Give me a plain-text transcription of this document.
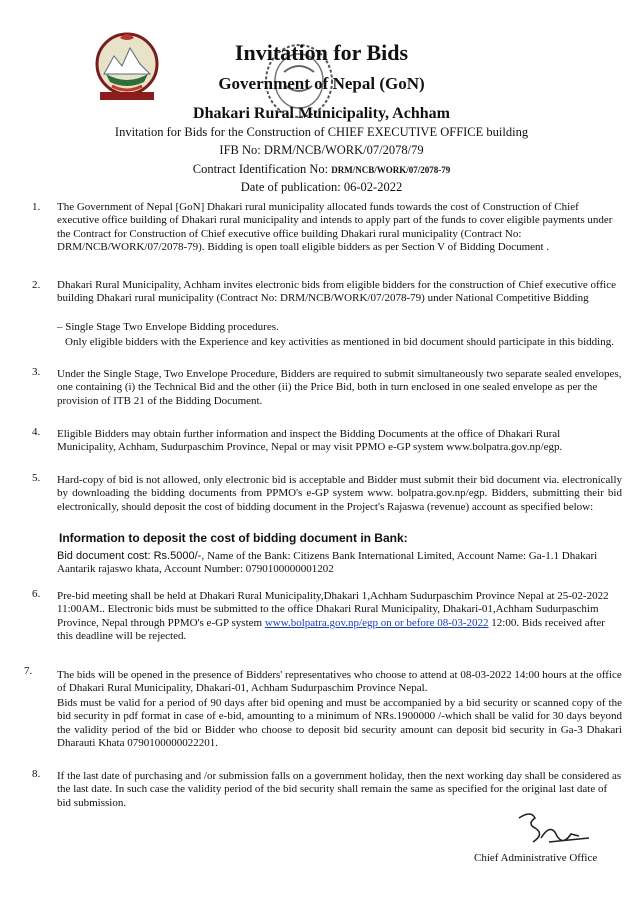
Invitation for Bids
Government of Nepal (GoN)
Dhakari Rural Municipality, Achham
Invitation for Bids for the Construction of CHIEF EXECUTIVE OFFICE building
IFB No: DRM/NCB/WORK/07/2078/79
Contract Identification No: DRM/NCB/WORK/07/2078-79
Date of publication: 06-02-2022
1. The Government of Nepal [GoN] Dhakari rural municipality allocated funds towards the cost of Construction of Chief executive office building of Dhakari rural municipality and intends to apply part of the funds to cover eligible payments under the Contract for Construction of Chief executive office building Dhakari rural municipality (Contract No: DRM/NCB/WORK/07/2078-79). Bidding is open toall eligible bidders as per Section V of Bidding Document .
2. Dhakari Rural Municipality, Achham invites electronic bids from eligible bidders for the construction of Chief executive office building Dhakari rural municipality (Contract No: DRM/NCB/WORK/07/2078-79) under National Competitive Bidding
– Single Stage Two Envelope Bidding procedures.
Only eligible bidders with the Experience and key activities as mentioned in bid document should participate in this bidding.
3. Under the Single Stage, Two Envelope Procedure, Bidders are required to submit simultaneously two separate sealed envelopes, one containing (i) the Technical Bid and the other (ii) the Price Bid, both in turn enclosed in one sealed envelope as per the provision of ITB 21 of the Bidding Document.
4. Eligible Bidders may obtain further information and inspect the Bidding Documents at the office of Dhakari Rural Municipality, Achham, Sudurpaschim Province, Nepal or may visit PPMO e-GP system www.bolpatra.gov.np/egp.
5. Hard-copy of bid is not allowed, only electronic bid is acceptable and Bidder must submit their bid document via. electronically by downloading the bidding documents from PPMO's e-GP system www. bolpatra.gov.np/egp. Bidders, submitting their bid electronically, should deposit the cost of bidding document in the Project's Rajaswa (revenue) account as specified below:
Information to deposit the cost of bidding document in Bank:
Bid document cost: Rs.5000/-, Name of the Bank: Citizens Bank International Limited, Account Name: Ga-1.1 Dhakari Aantarik rajaswo khata, Account Number: 0790100000001202
6. Pre-bid meeting shall be held at Dhakari Rural Municipality,Dhakari 1,Achham Sudurpaschim Province Nepal at 25-02-2022 11:00AM.. Electronic bids must be submitted to the office Dhakari Rural Municipality, Dhakari-01,Achham Sudurpaschim Province, Nepal through PPMO's e-GP system www.bolpatra.gov.np/egp on or before 08-03-2022 12:00. Bids received after this deadline will be rejected.
7. The bids will be opened in the presence of Bidders' representatives who choose to attend at 08-03-2022 14:00 hours at the office of Dhakari Rural Municipality, Dhakari-01, Achham Sudurpaschim Province Nepal.
Bids must be valid for a period of 90 days after bid opening and must be accompanied by a bid security or scanned copy of the bid security in pdf format in case of e-bid, amounting to a minimum of NRs.1900000 /-which shall be valid for 30 days beyond the validity period of the bid or Bidder who choose to deposit bid security amount can deposit bid security in Ga-3 Dhakari Dharauti Khata 0790100000022201.
8. If the last date of purchasing and /or submission falls on a government holiday, then the next working day shall be considered as the last date. In such case the validity period of the bid security shall remain the same as specified for the original last date of bid submission.
Chief Administrative Office
